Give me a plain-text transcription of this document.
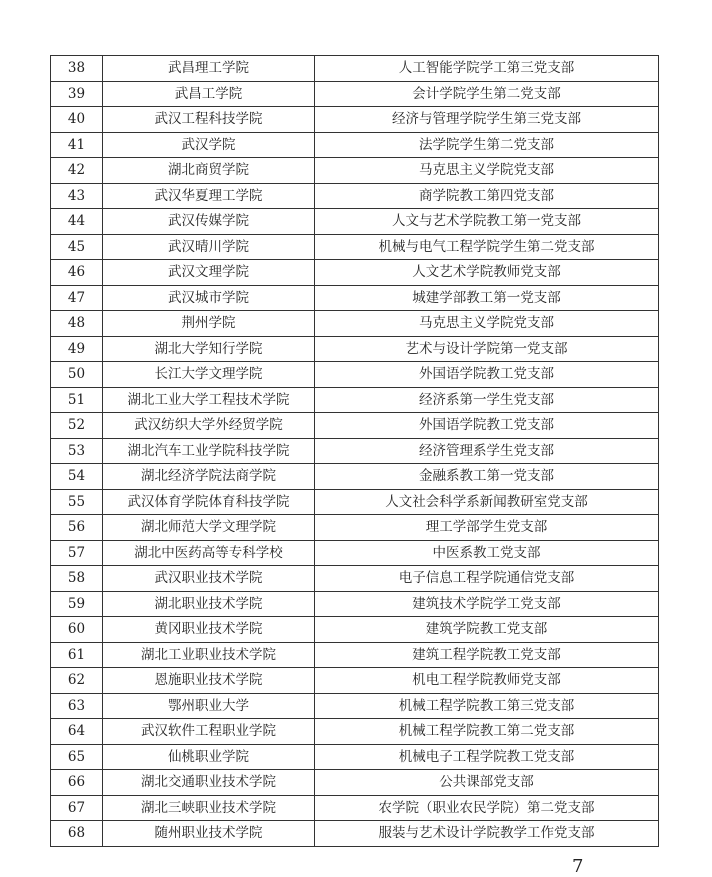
38	武昌理工学院	人工智能学院学工第三党支部
39	武昌工学院	会计学院学生第二党支部
40	武汉工程科技学院	经济与管理学院学生第三党支部
41	武汉学院	法学院学生第二党支部
42	湖北商贸学院	马克思主义学院党支部
43	武汉华夏理工学院	商学院教工第四党支部
44	武汉传媒学院	人文与艺术学院教工第一党支部
45	武汉晴川学院	机械与电气工程学院学生第二党支部
46	武汉文理学院	人文艺术学院教师党支部
47	武汉城市学院	城建学部教工第一党支部
48	荆州学院	马克思主义学院党支部
49	湖北大学知行学院	艺术与设计学院第一党支部
50	长江大学文理学院	外国语学院教工党支部
51	湖北工业大学工程技术学院	经济系第一学生党支部
52	武汉纺织大学外经贸学院	外国语学院教工党支部
53	湖北汽车工业学院科技学院	经济管理系学生党支部
54	湖北经济学院法商学院	金融系教工第一党支部
55	武汉体育学院体育科技学院	人文社会科学系新闻教研室党支部
56	湖北师范大学文理学院	理工学部学生党支部
57	湖北中医药高等专科学校	中医系教工党支部
58	武汉职业技术学院	电子信息工程学院通信党支部
59	湖北职业技术学院	建筑技术学院学工党支部
60	黄冈职业技术学院	建筑学院教工党支部
61	湖北工业职业技术学院	建筑工程学院教工党支部
62	恩施职业技术学院	机电工程学院教师党支部
63	鄂州职业大学	机械工程学院教工第三党支部
64	武汉软件工程职业学院	机械工程学院教工第二党支部
65	仙桃职业学院	机械电子工程学院教工党支部
66	湖北交通职业技术学院	公共课部党支部
67	湖北三峡职业技术学院	农学院（职业农民学院）第二党支部
68	随州职业技术学院	服装与艺术设计学院教学工作党支部
7
